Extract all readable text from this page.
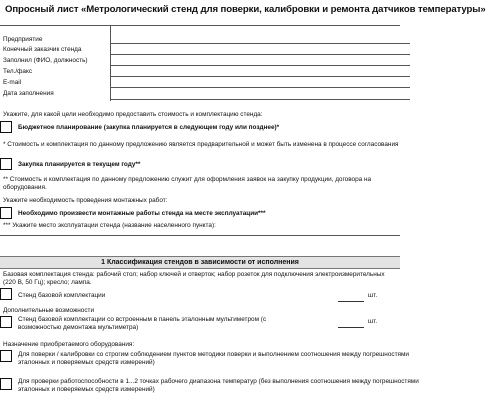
Опросный лист «Метрологический стенд для поверки, калибровки и ремонта датчиков температуры»
Предприятие
Конечный заказчик стенда
Заполнил (ФИО, должность)
Тел./факс
E-mail
Дата заполнения
Укажите, для какой цели необходимо предоставить стоимость и комплектацию стенда:
Бюджетное планирование (закупка планируется в следующем году или позднее)*
* Стоимость и комплектация по данному предложению является предварительной и может быть изменена в процессе согласования
Закупка планируется в текущем году**
** Стоимость и комплектация по данному предложению служит для оформления заявок на закупку продукции, договора на
оборудования.
Укажите необходимость проведения монтажных работ:
Необходимо произвести монтажные работы стенда на месте эксплуатации***
*** Укажите место эксплуатации стенда (название населенного пункта):
1 Классификация стендов в зависимости от исполнения
Базовая комплектация стенда: рабочий стол; набор ключей и отверток; набор розеток для подключения электроизмерительных
(220 В, 50 Гц); кресло; лампа.
Стенд базовой комплектации	шт.
Дополнительные возможности
Стенд базовой комплектации со встроенным в панель эталонным мультиметром (с
возможностью демонтажа мультиметра)
шт.
Назначение приобретаемого оборудования:
Для поверки / калибровки со строгим соблюдением пунктов методики поверки и выполнением соотношения между погрешностями
эталонных и поверяемых средств измерений)
Для проверки работоспособности в 1...2 точках рабочего диапазона температур (без выполнения соотношения между погрешностями
эталонных и поверяемых средств измерений)
